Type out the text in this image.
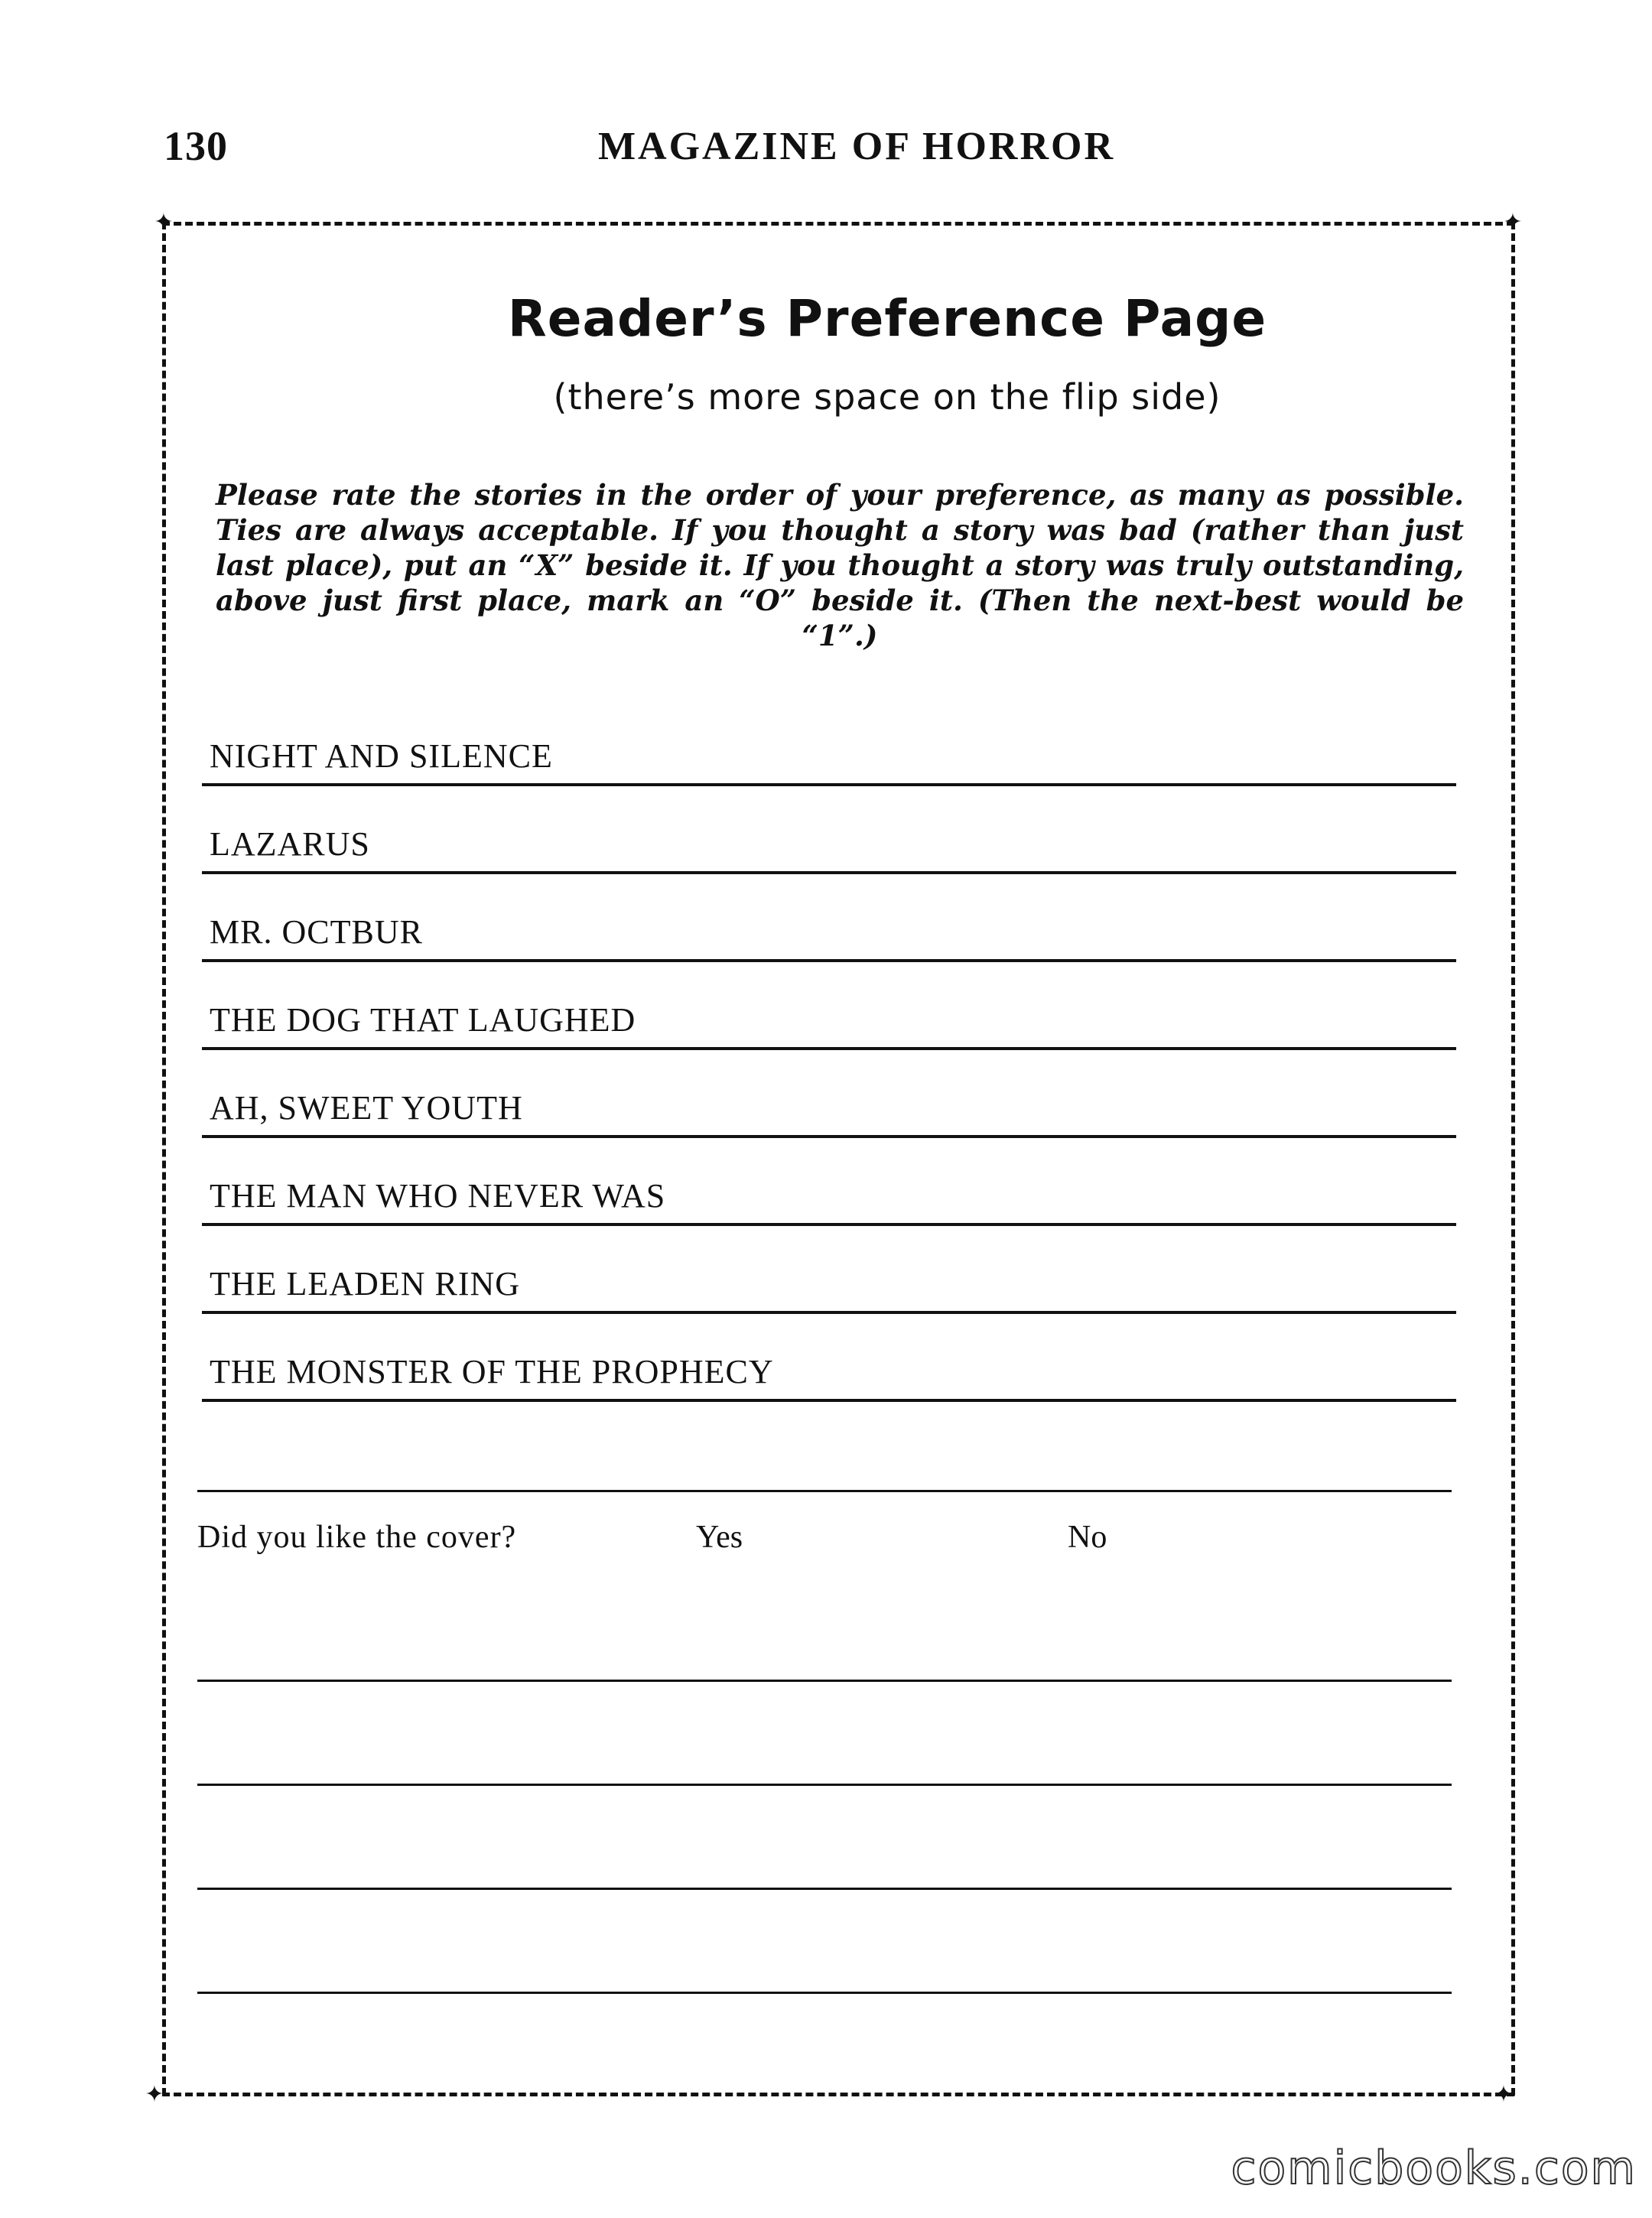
130	MAGAZINE OF HORROR
✦	✦
✦	✦
Reader’s Preference Page
(there’s more space on the flip side)
Please rate the stories in the order of your preference, as many as possible. Ties are always acceptable. If you thought a story was bad (rather than just last place), put an “X” beside it. If you thought a story was truly outstanding, above just first place, mark an “O” beside it. (Then the next-best would be “1”.)
NIGHT AND SILENCE
LAZARUS
MR. OCTBUR
THE DOG THAT LAUGHED
AH, SWEET YOUTH
THE MAN WHO NEVER WAS
THE LEADEN RING
THE MONSTER OF THE PROPHECY
Did you like the cover?	Yes	No
comicbooks.com
